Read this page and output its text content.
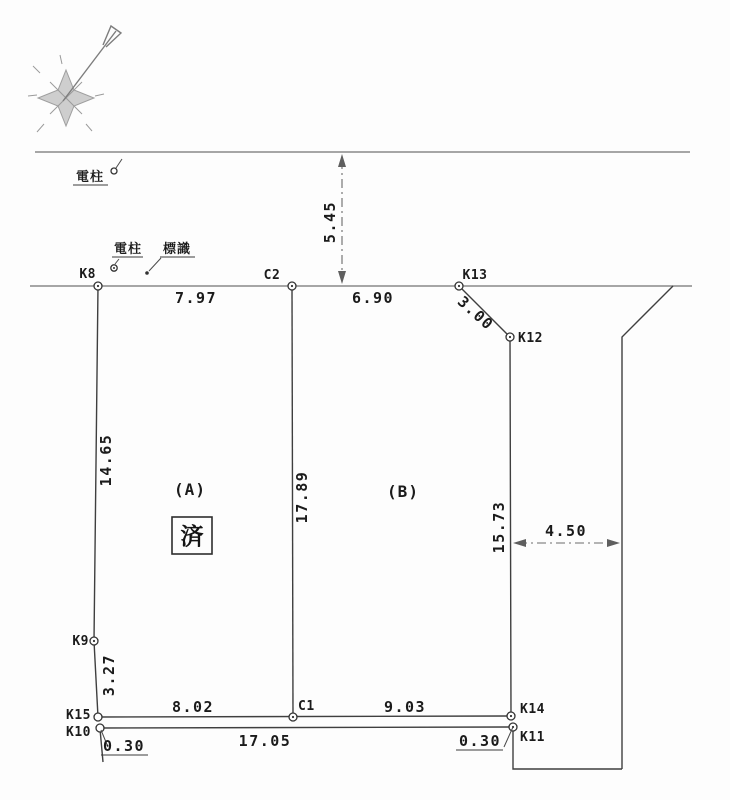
5.45
4.50
K8	C2	K13
K12
K9
K15
K10
C1	K14
K11
7.97	6.90	3.00
14.65
3.27
17.89
15.73
8.02	9.03
17.05
0.30	0.30
電柱
電柱 標識
(A)	(B)
済
